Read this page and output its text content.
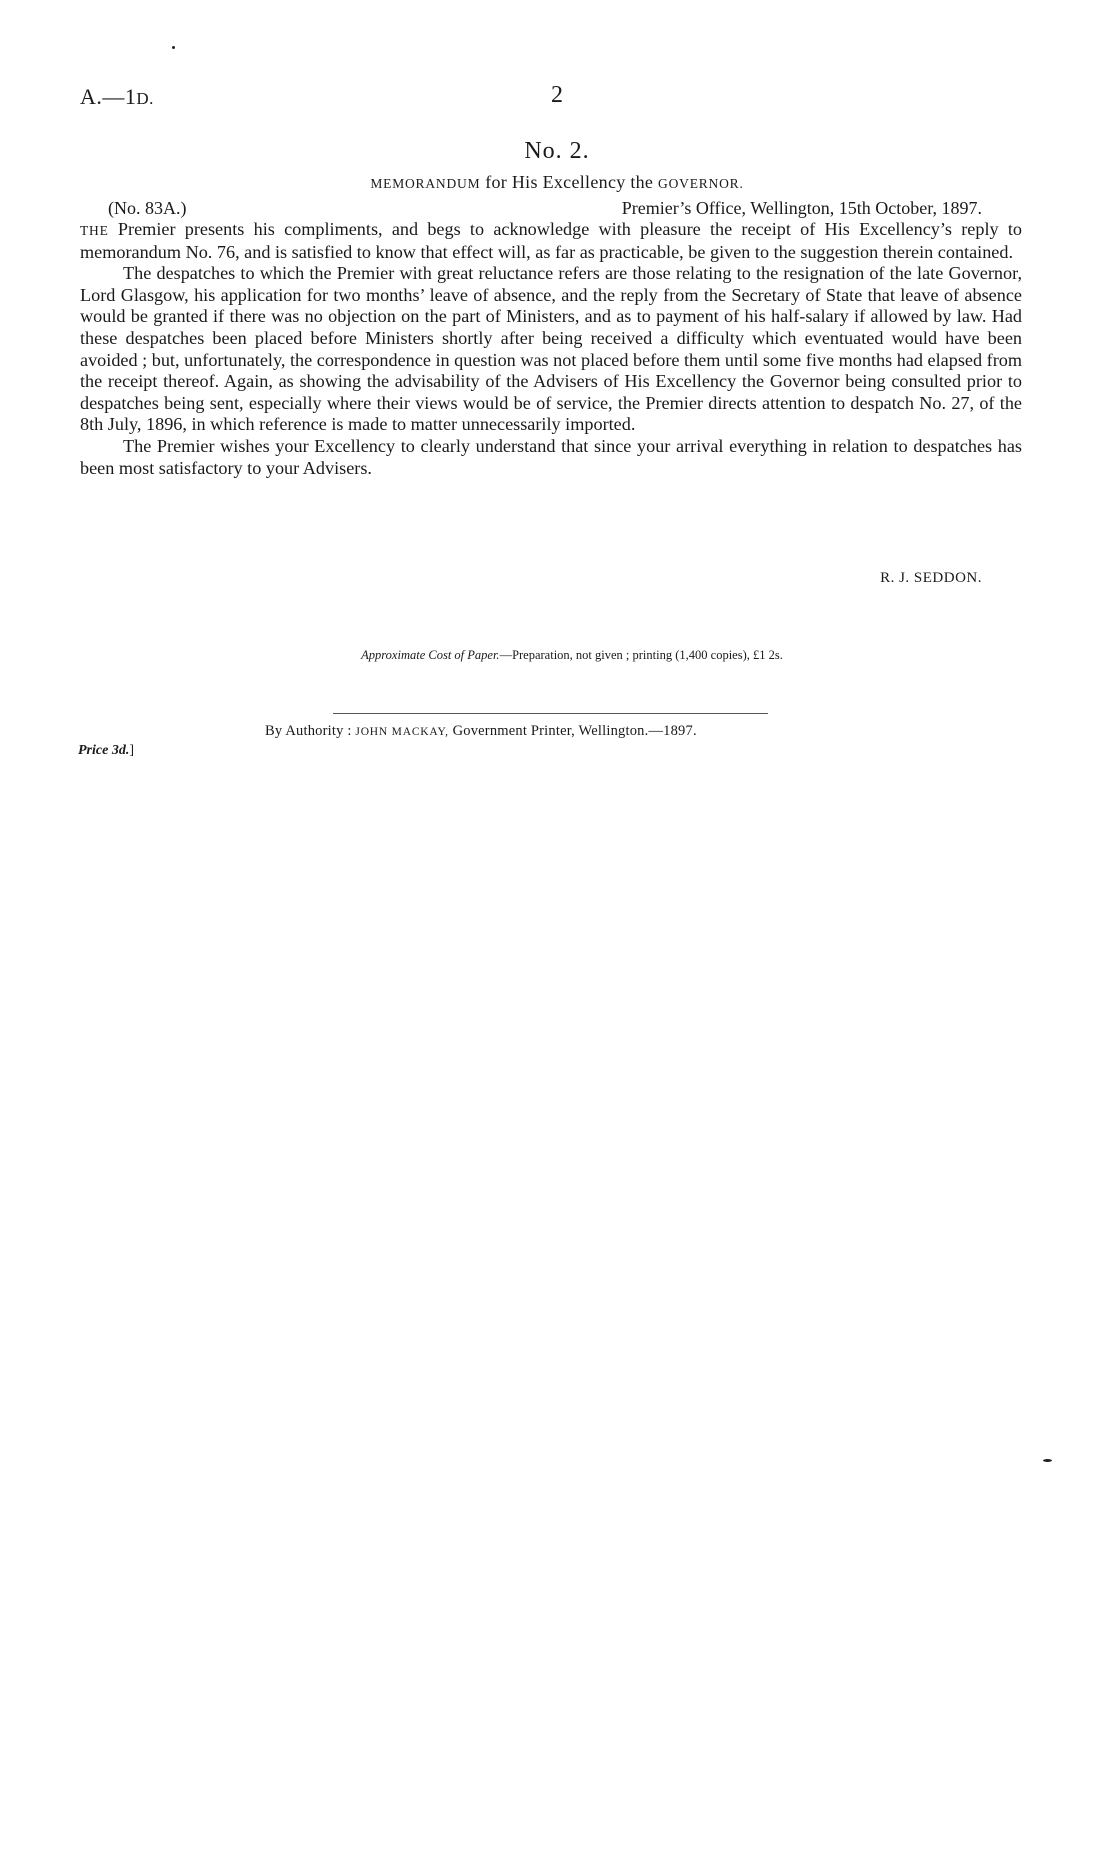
A.—1D.	2
No. 2.
MEMORANDUM for His Excellency the GOVERNOR.
(No. 83A.)	Premier’s Office, Wellington, 15th October, 1897.

THE Premier presents his compliments, and begs to acknowledge with pleasure the receipt of His Excellency’s reply to memorandum No. 76, and is satisfied to know that effect will, as far as practicable, be given to the suggestion therein contained.

The despatches to which the Premier with great reluctance refers are those relating to the resignation of the late Governor, Lord Glasgow, his application for two months’ leave of absence, and the reply from the Secretary of State that leave of absence would be granted if there was no objection on the part of Ministers, and as to payment of his half-salary if allowed by law. Had these despatches been placed before Ministers shortly after being received a difficulty which eventuated would have been avoided ; but, unfortunately, the correspondence in question was not placed before them until some five months had elapsed from the receipt thereof. Again, as showing the advisability of the Advisers of His Excellency the Governor being consulted prior to despatches being sent, especially where their views would be of service, the Premier directs attention to despatch No. 27, of the 8th July, 1896, in which reference is made to matter unnecessarily imported.

The Premier wishes your Excellency to clearly understand that since your arrival everything in relation to despatches has been most satisfactory to your Advisers.

R. J. SEDDON.
Approximate Cost of Paper.—Preparation, not given ; printing (1,400 copies), £1 2s.
By Authority : JOHN MACKAY, Government Printer, Wellington.—1897.
Price 3d.]
